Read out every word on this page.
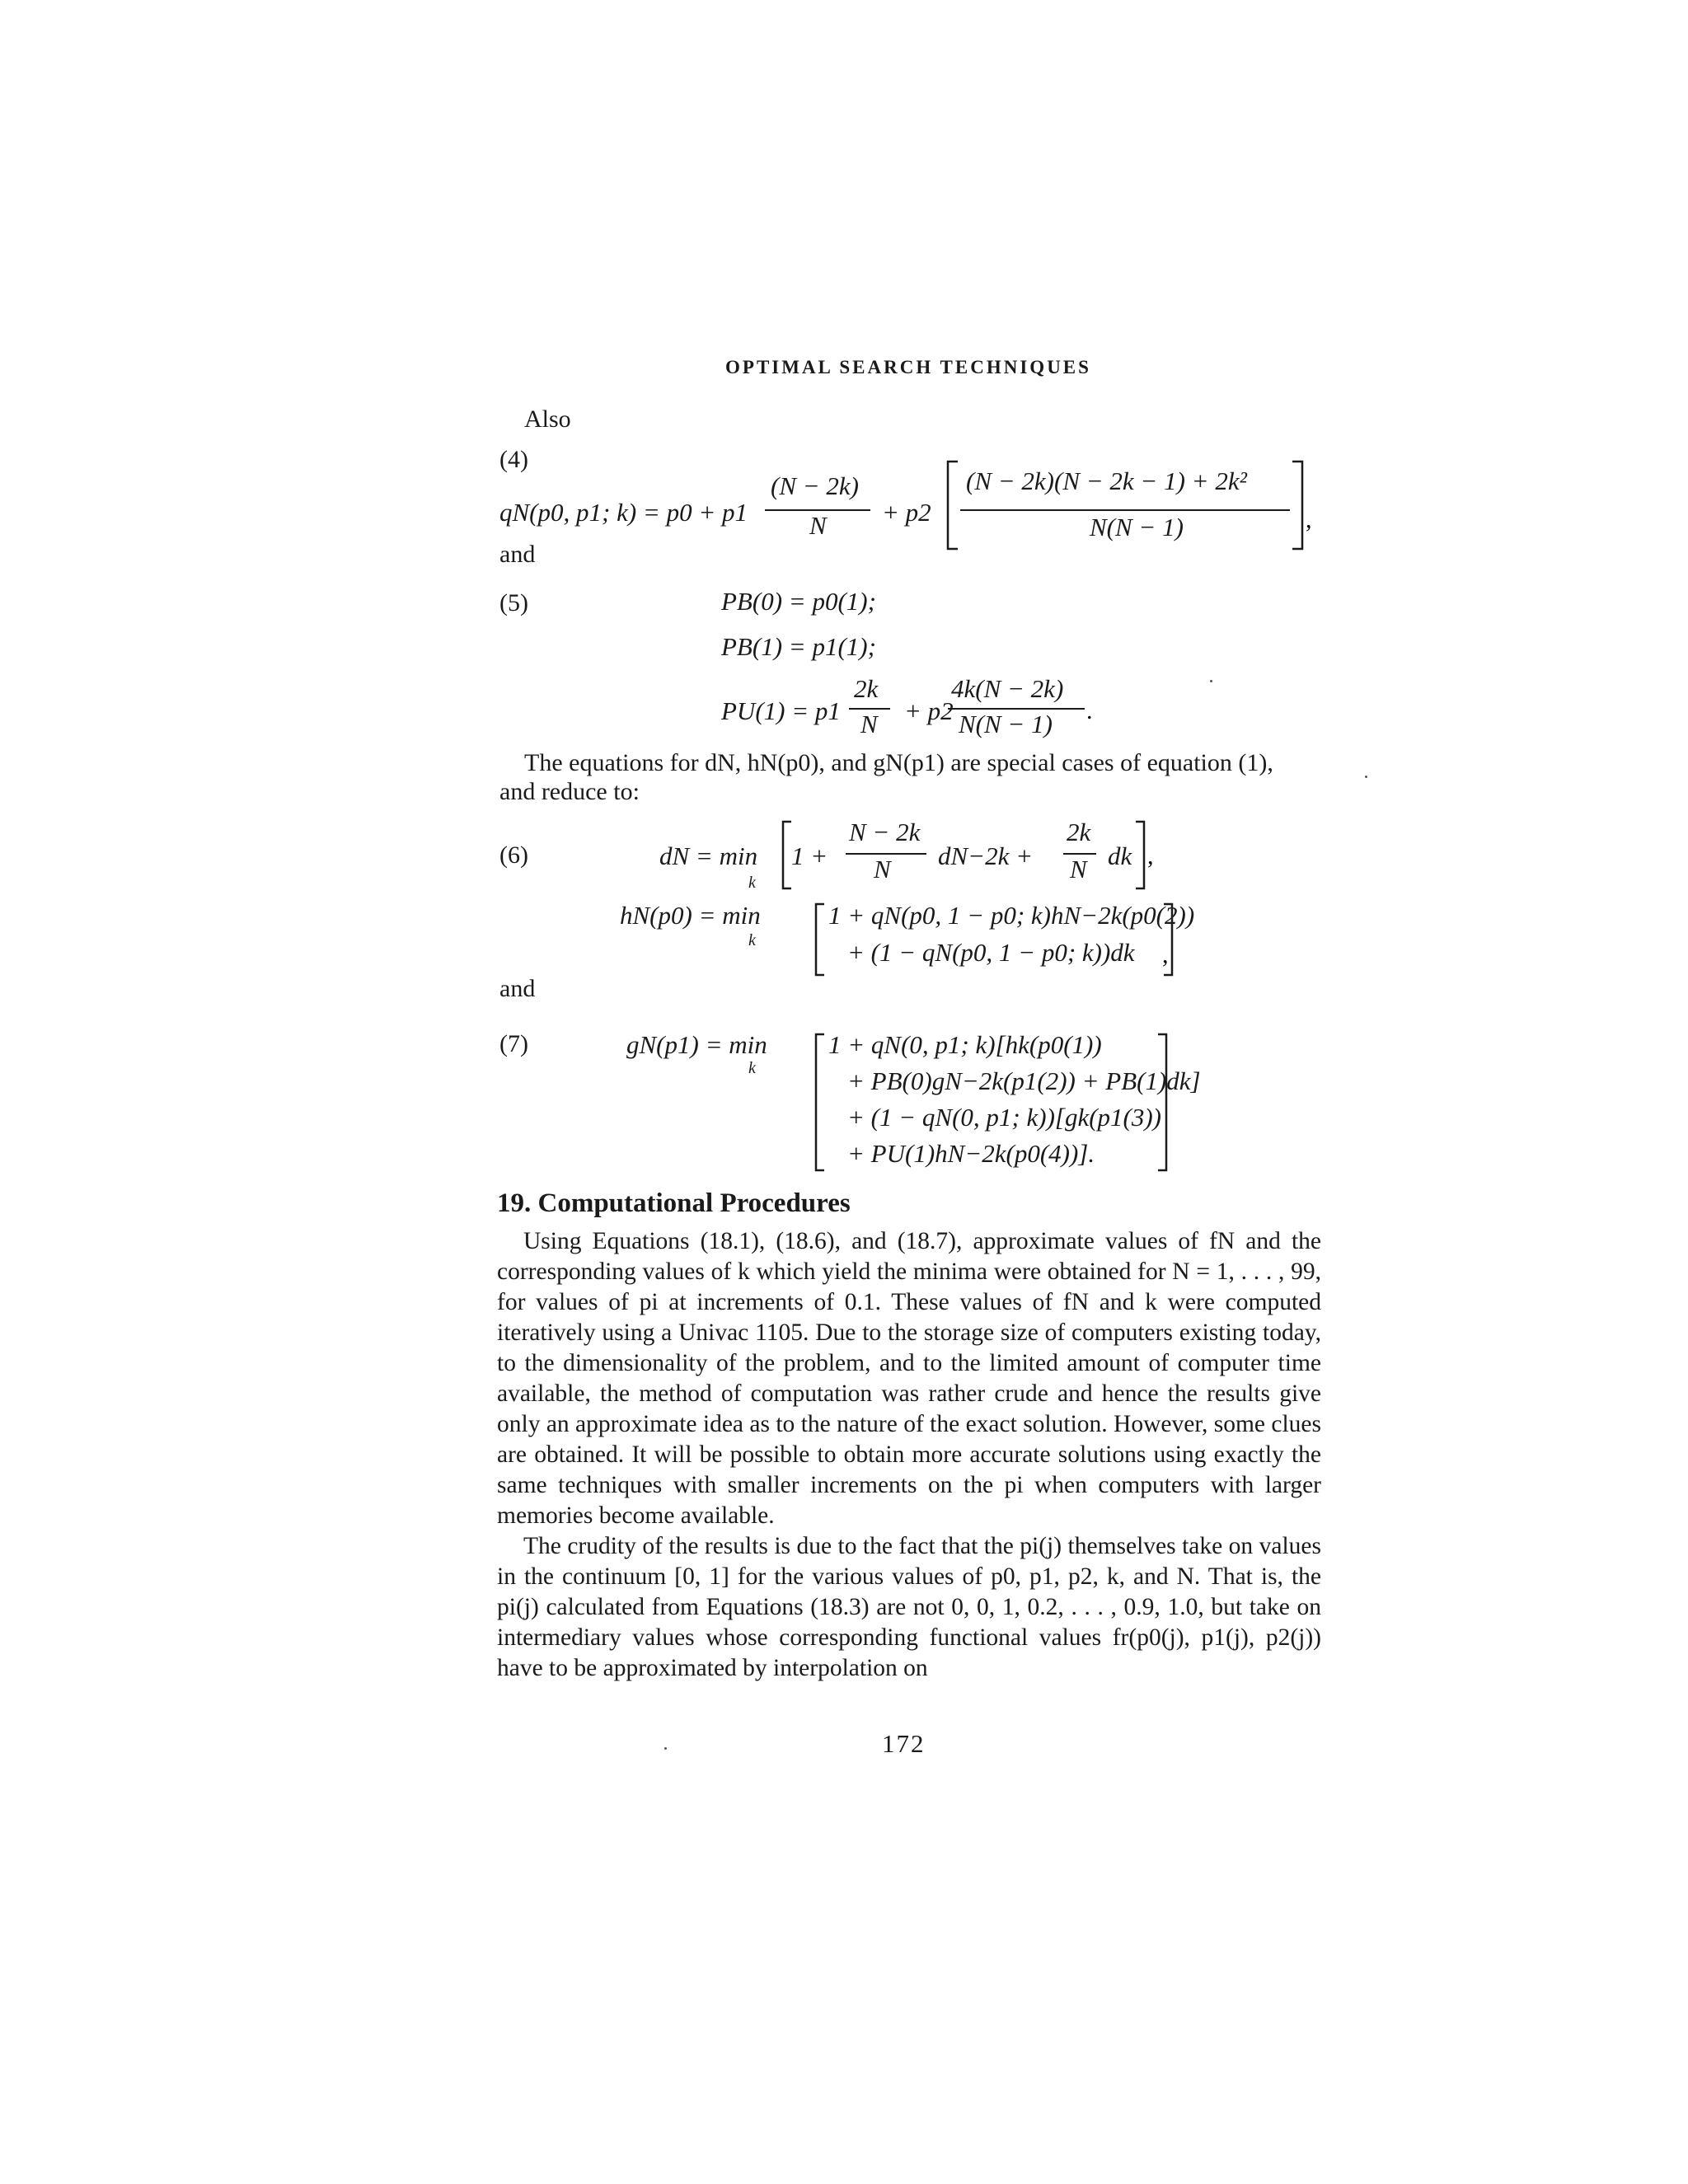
OPTIMAL SEARCH TECHNIQUES
Also
(4)
qN(p0, p1; k) = p0 + p1
(N − 2k)
N + p2
(N − 2k)(N − 2k − 1) + 2k²
N(N − 1)	,
and
(5)	PB(0) = p0(1);
PB(1) = p1(1);
PU(1) = p1
2k
N + p2
4k(N − 2k)
N(N − 1) .
The equations for dN, hN(p0), and gN(p1) are special cases of equation (1),
and reduce to:
(6)	dN = min
k
1 +
N − 2k
N dN−2k +
2k
N dk
hN(p0) = min
k
1 + qN(p0, 1 − p0; k)hN−2k(p0(2))
+ (1 − qN(p0, 1 − p0; k))dk
,
,
and
(7)	gN(p1) = min
k
1 + qN(0, p1; k)[hk(p0(1))
+ PB(0)gN−2k(p1(2)) + PB(1)dk]
+ (1 − qN(0, p1; k))[gk(p1(3))
+ PU(1)hN−2k(p0(4))].
19. Computational Procedures

Using Equations (18.1), (18.6), and (18.7), approximate values of fN and the corresponding values of k which yield the minima were obtained for N = 1, . . . , 99, for values of pi at increments of 0.1. These values of fN and k were computed iteratively using a Univac 1105. Due to the storage size of computers existing today, to the dimensionality of the problem, and to the limited amount of computer time available, the method of computation was rather crude and hence the results give only an approximate idea as to the nature of the exact solution. However, some clues are obtained. It will be possible to obtain more accurate solutions using exactly the same techniques with smaller increments on the pi when computers with larger memories become available.

The crudity of the results is due to the fact that the pi(j) themselves take on values in the continuum [0, 1] for the various values of p0, p1, p2, k, and N. That is, the pi(j) calculated from Equations (18.3) are not 0, 0, 1, 0.2, . . . , 0.9, 1.0, but take on intermediary values whose corresponding functional values fr(p0(j), p1(j), p2(j)) have to be approximated by interpolation on

172
